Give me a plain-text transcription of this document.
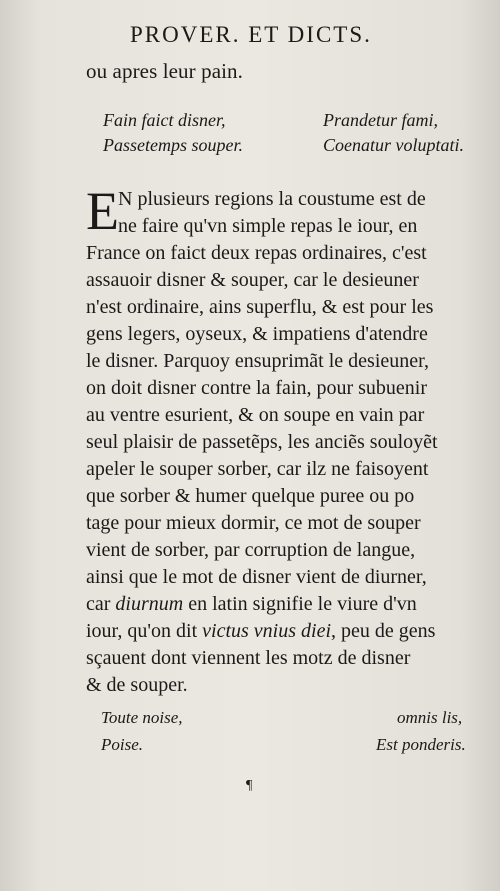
PROVER. ET DICTS.
ou apres leur pain.
Fain faict disner,
Passetemps souper.
Prandetur fami,
Coenatur voluptati.
E N plusieurs regions la coustume est de
ne faire qu'vn simple repas le iour, en
France on faict deux repas ordinaires, c'est
assauoir disner & souper, car le desieuner
n'est ordinaire, ains superflu, & est pour les
gens legers, oyseux, & impatiens d'atendre
le disner. Parquoy ensuprimãt le desieuner,
on doit disner contre la fain, pour subuenir
au ventre esurient, & on soupe en vain par
seul plaisir de passetẽps, les anciẽs souloyẽt
apeler le souper sorber, car ilz ne faisoyent
que sorber & humer quelque puree ou po
tage pour mieux dormir, ce mot de souper
vient de sorber, par corruption de langue,
ainsi que le mot de disner vient de diurner,
car diurnum en latin signifie le viure d'vn
iour, qu'on dit victus vnius diei, peu de gens
sçauent dont viennent les motz de disner
& de souper.
Toute noise,
Poise.
omnis lis,
Est ponderis.
¶
